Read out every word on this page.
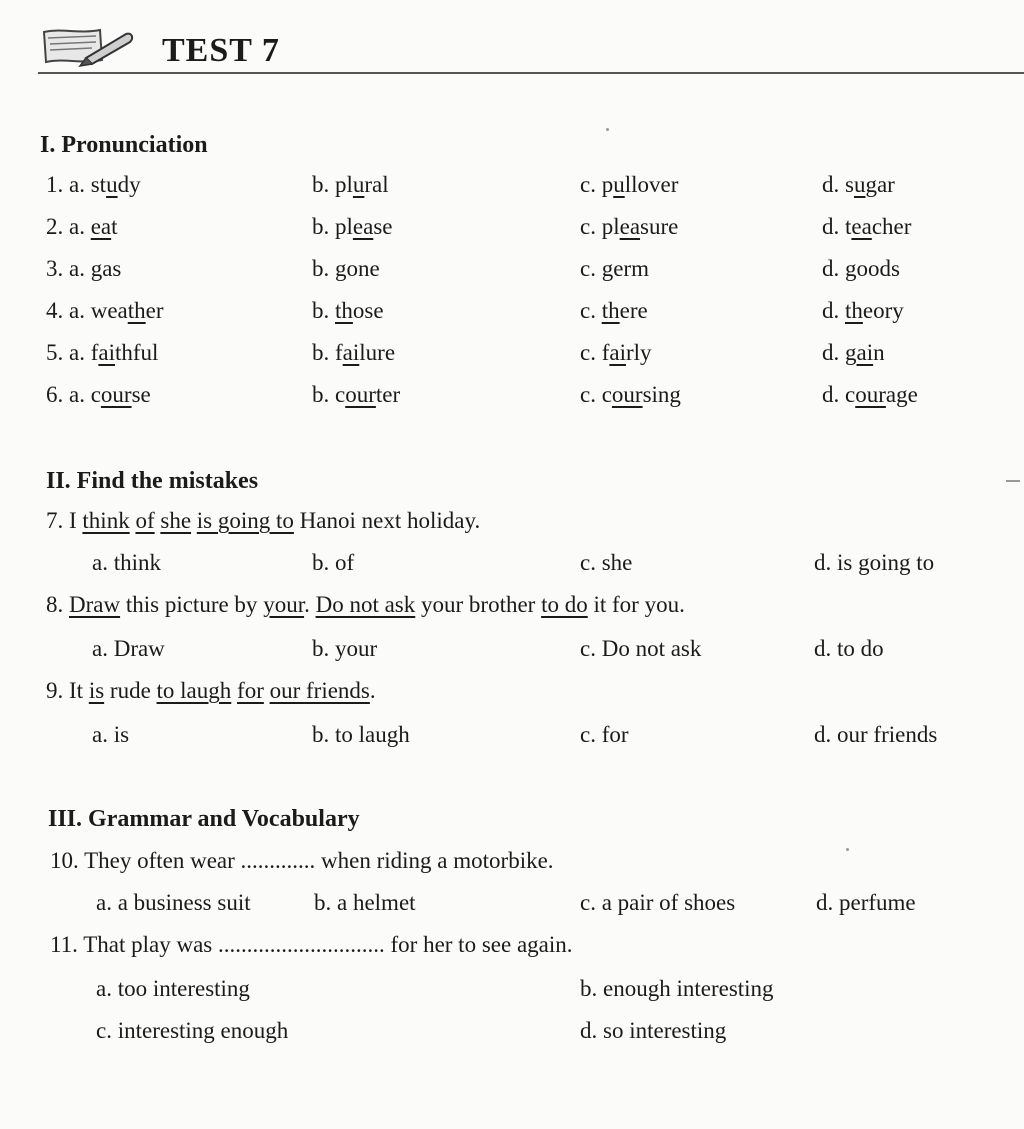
TEST 7
I. Pronunciation
1. a. study	b. plural	c. pullover	d. sugar
2. a. eat	b. please	c. pleasure	d. teacher
3. a. gas	b. gone	c. germ	d. goods
4. a. weather	b. those	c. there	d. theory
5. a. faithful	b. failure	c. fairly	d. gain
6. a. course	b. courter	c. coursing	d. courage
II. Find the mistakes
7. I think of she is going to Hanoi next holiday.
a. think	b. of	c. she	d. is going to
8. Draw this picture by your. Do not ask your brother to do it for you.
a. Draw	b. your	c. Do not ask	d. to do
9. It is rude to laugh for our friends.
a. is	b. to laugh	c. for	d. our friends
III. Grammar and Vocabulary
10. They often wear ............. when riding a motorbike.
a. a business suit	b. a helmet	c. a pair of shoes	d. perfume
11. That play was ............................. for her to see again.
a. too interesting	b. enough interesting
c. interesting enough	d. so interesting
